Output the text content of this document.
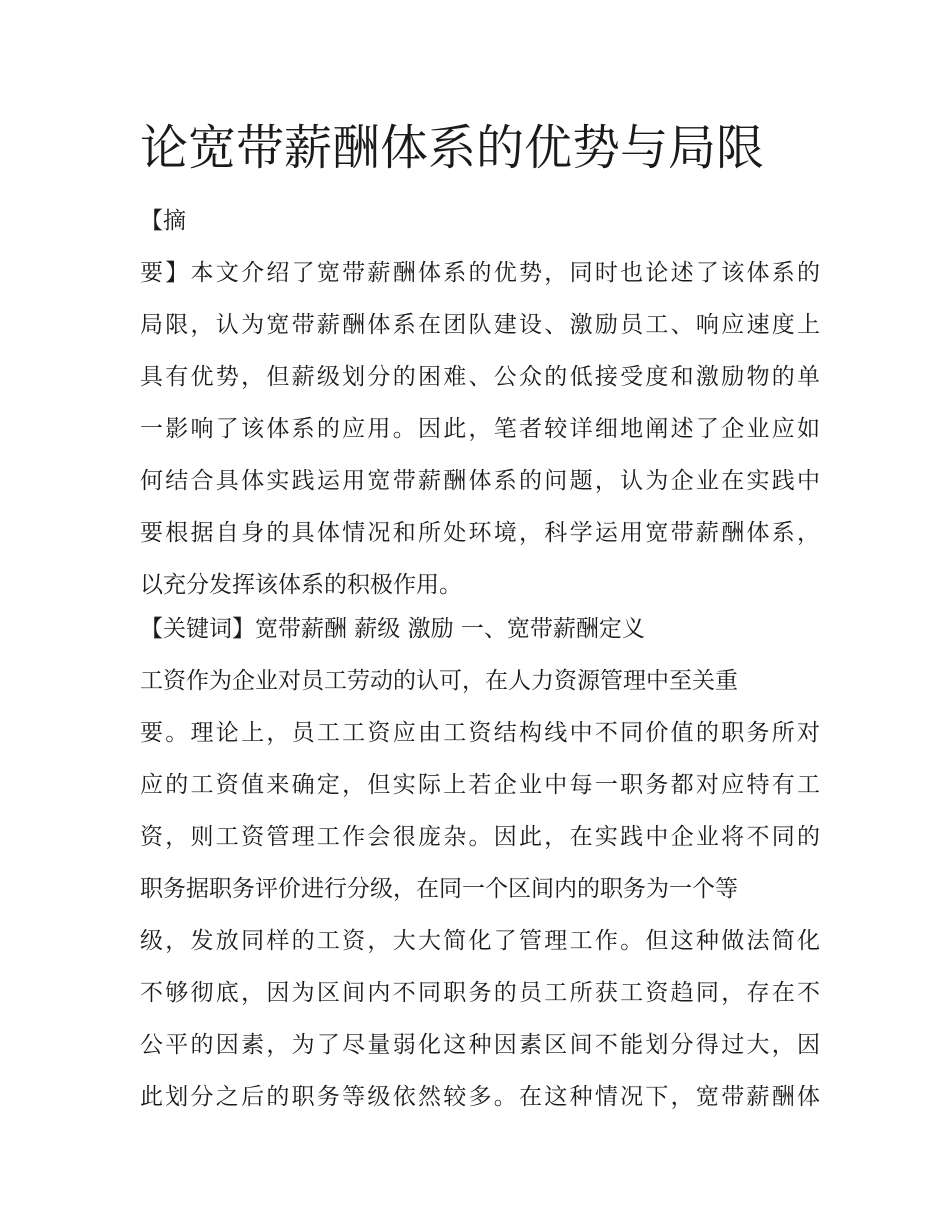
论宽带薪酬体系的优势与局限

【摘

要】本文介绍了宽带薪酬体系的优势，同时也论述了该体系的

局限，认为宽带薪酬体系在团队建设、激励员工、响应速度上

具有优势，但薪级划分的困难、公众的低接受度和激励物的单

一影响了该体系的应用。因此，笔者较详细地阐述了企业应如

何结合具体实践运用宽带薪酬体系的问题，认为企业在实践中

要根据自身的具体情况和所处环境，科学运用宽带薪酬体系，

以充分发挥该体系的积极作用。

【关键词】宽带薪酬 薪级 激励 一、宽带薪酬定义

工资作为企业对员工劳动的认可，在人力资源管理中至关重

要。理论上，员工工资应由工资结构线中不同价值的职务所对

应的工资值来确定，但实际上若企业中每一职务都对应特有工

资，则工资管理工作会很庞杂。因此，在实践中企业将不同的

职务据职务评价进行分级，在同一个区间内的职务为一个等

级，发放同样的工资，大大简化了管理工作。但这种做法简化

不够彻底，因为区间内不同职务的员工所获工资趋同，存在不

公平的因素，为了尽量弱化这种因素区间不能划分得过大，因

此划分之后的职务等级依然较多。在这种情况下，宽带薪酬体
